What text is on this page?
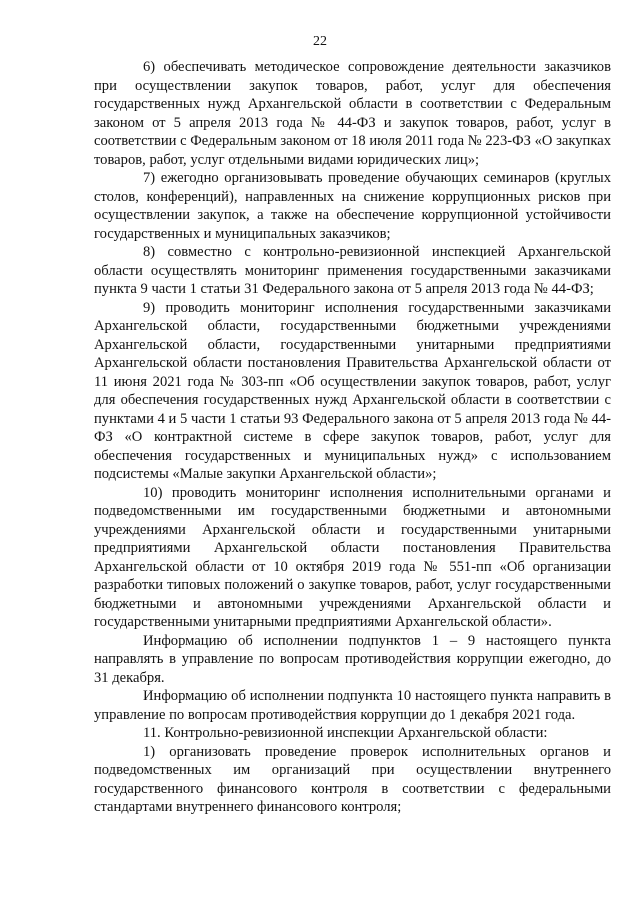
22

6) обеспечивать методическое сопровождение деятельности заказчиков при осуществлении закупок товаров, работ, услуг для обеспечения государственных нужд Архангельской области в соответствии с Федеральным законом от 5 апреля 2013 года № 44-ФЗ и закупок товаров, работ, услуг в соответствии с Федеральным законом от 18 июля 2011 года № 223-ФЗ «О закупках товаров, работ, услуг отдельными видами юридических лиц»;

7) ежегодно организовывать проведение обучающих семинаров (круглых столов, конференций), направленных на снижение коррупционных рисков при осуществлении закупок, а также на обеспечение коррупционной устойчивости государственных и муниципальных заказчиков;

8) совместно с контрольно-ревизионной инспекцией Архангельской области осуществлять мониторинг применения государственными заказчиками пункта 9 части 1 статьи 31 Федерального закона от 5 апреля 2013 года № 44-ФЗ;

9) проводить мониторинг исполнения государственными заказчиками Архангельской области, государственными бюджетными учреждениями Архангельской области, государственными унитарными предприятиями Архангельской области постановления Правительства Архангельской области от 11 июня 2021 года № 303-пп «Об осуществлении закупок товаров, работ, услуг для обеспечения государственных нужд Архангельской области в соответствии с пунктами 4 и 5 части 1 статьи 93 Федерального закона от 5 апреля 2013 года № 44-ФЗ «О контрактной системе в сфере закупок товаров, работ, услуг для обеспечения государственных и муниципальных нужд» с использованием подсистемы «Малые закупки Архангельской области»;

10) проводить мониторинг исполнения исполнительными органами и подведомственными им государственными бюджетными и автономными учреждениями Архангельской области и государственными унитарными предприятиями Архангельской области постановления Правительства Архангельской области от 10 октября 2019 года № 551-пп «Об организации разработки типовых положений о закупке товаров, работ, услуг государственными бюджетными и автономными учреждениями Архангельской области и государственными унитарными предприятиями Архангельской области».

Информацию об исполнении подпунктов 1 – 9 настоящего пункта направлять в управление по вопросам противодействия коррупции ежегодно, до 31 декабря.

Информацию об исполнении подпункта 10 настоящего пункта направить в управление по вопросам противодействия коррупции до 1 декабря 2021 года.

11. Контрольно-ревизионной инспекции Архангельской области:

1) организовать проведение проверок исполнительных органов и подведомственных им организаций при осуществлении внутреннего государственного финансового контроля в соответствии с федеральными стандартами внутреннего финансового контроля;
